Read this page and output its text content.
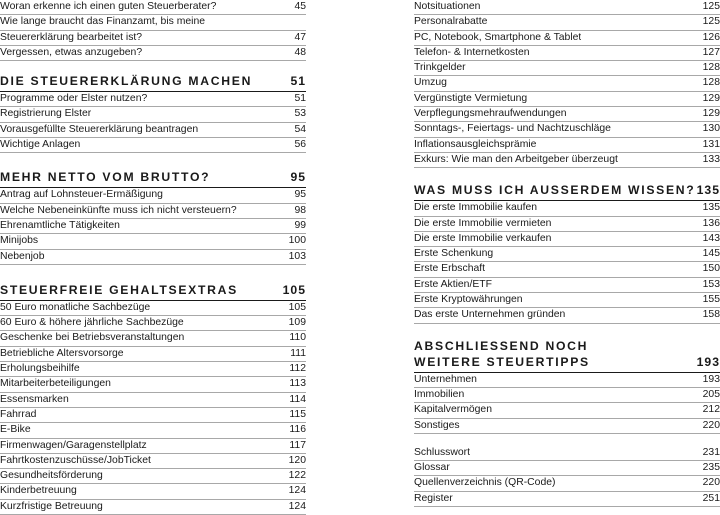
Woran erkenne ich einen guten Steuerberater?	45
Wie lange braucht das Finanzamt, bis meine
Steuererklärung bearbeitet ist?	47
Vergessen, etwas anzugeben?	48
DIE STEUERERKLÄRUNG MACHEN	51
Programme oder Elster nutzen?	51
Registrierung Elster	53
Vorausgefüllte Steuererklärung beantragen	54
Wichtige Anlagen	56
MEHR NETTO VOM BRUTTO?	95
Antrag auf Lohnsteuer-Ermäßigung	95
Welche Nebeneinkünfte muss ich nicht versteuern?	98
Ehrenamtliche Tätigkeiten	99
Minijobs	100
Nebenjob	103
STEUERFREIE GEHALTSEXTRAS	105
50 Euro monatliche Sachbezüge	105
60 Euro & höhere jährliche Sachbezüge	109
Geschenke bei Betriebsveranstaltungen	110
Betriebliche Altersvorsorge	111
Erholungsbeihilfe	112
Mitarbeiterbeteiligungen	113
Essensmarken	114
Fahrrad	115
E-Bike	116
Firmenwagen/Garagenstellplatz	117
Fahrtkostenzuschüsse/JobTicket	120
Gesundheitsförderung	122
Kinderbetreuung	124
Kurzfristige Betreuung	124
Notsituationen	125
Personalrabatte	125
PC, Notebook, Smartphone & Tablet	126
Telefon- & Internetkosten	127
Trinkgelder	128
Umzug	128
Vergünstigte Vermietung	129
Verpflegungsmehraufwendungen	129
Sonntags-, Feiertags- und Nachtzuschläge	130
Inflationsausgleichsprämie	131
Exkurs: Wie man den Arbeitgeber überzeugt	133
WAS MUSS ICH AUSSERDEM WISSEN? 135
Die erste Immobilie kaufen	135
Die erste Immobilie vermieten	136
Die erste Immobilie verkaufen	143
Erste Schenkung	145
Erste Erbschaft	150
Erste Aktien/ETF	153
Erste Kryptowährungen	155
Das erste Unternehmen gründen	158
ABSCHLIESSEND NOCH
WEITERE STEUERTIPPS	193
Unternehmen	193
Immobilien	205
Kapitalvermögen	212
Sonstiges	220
Schlusswort	231
Glossar	235
Quellenverzeichnis (QR-Code)	220
Register	251
